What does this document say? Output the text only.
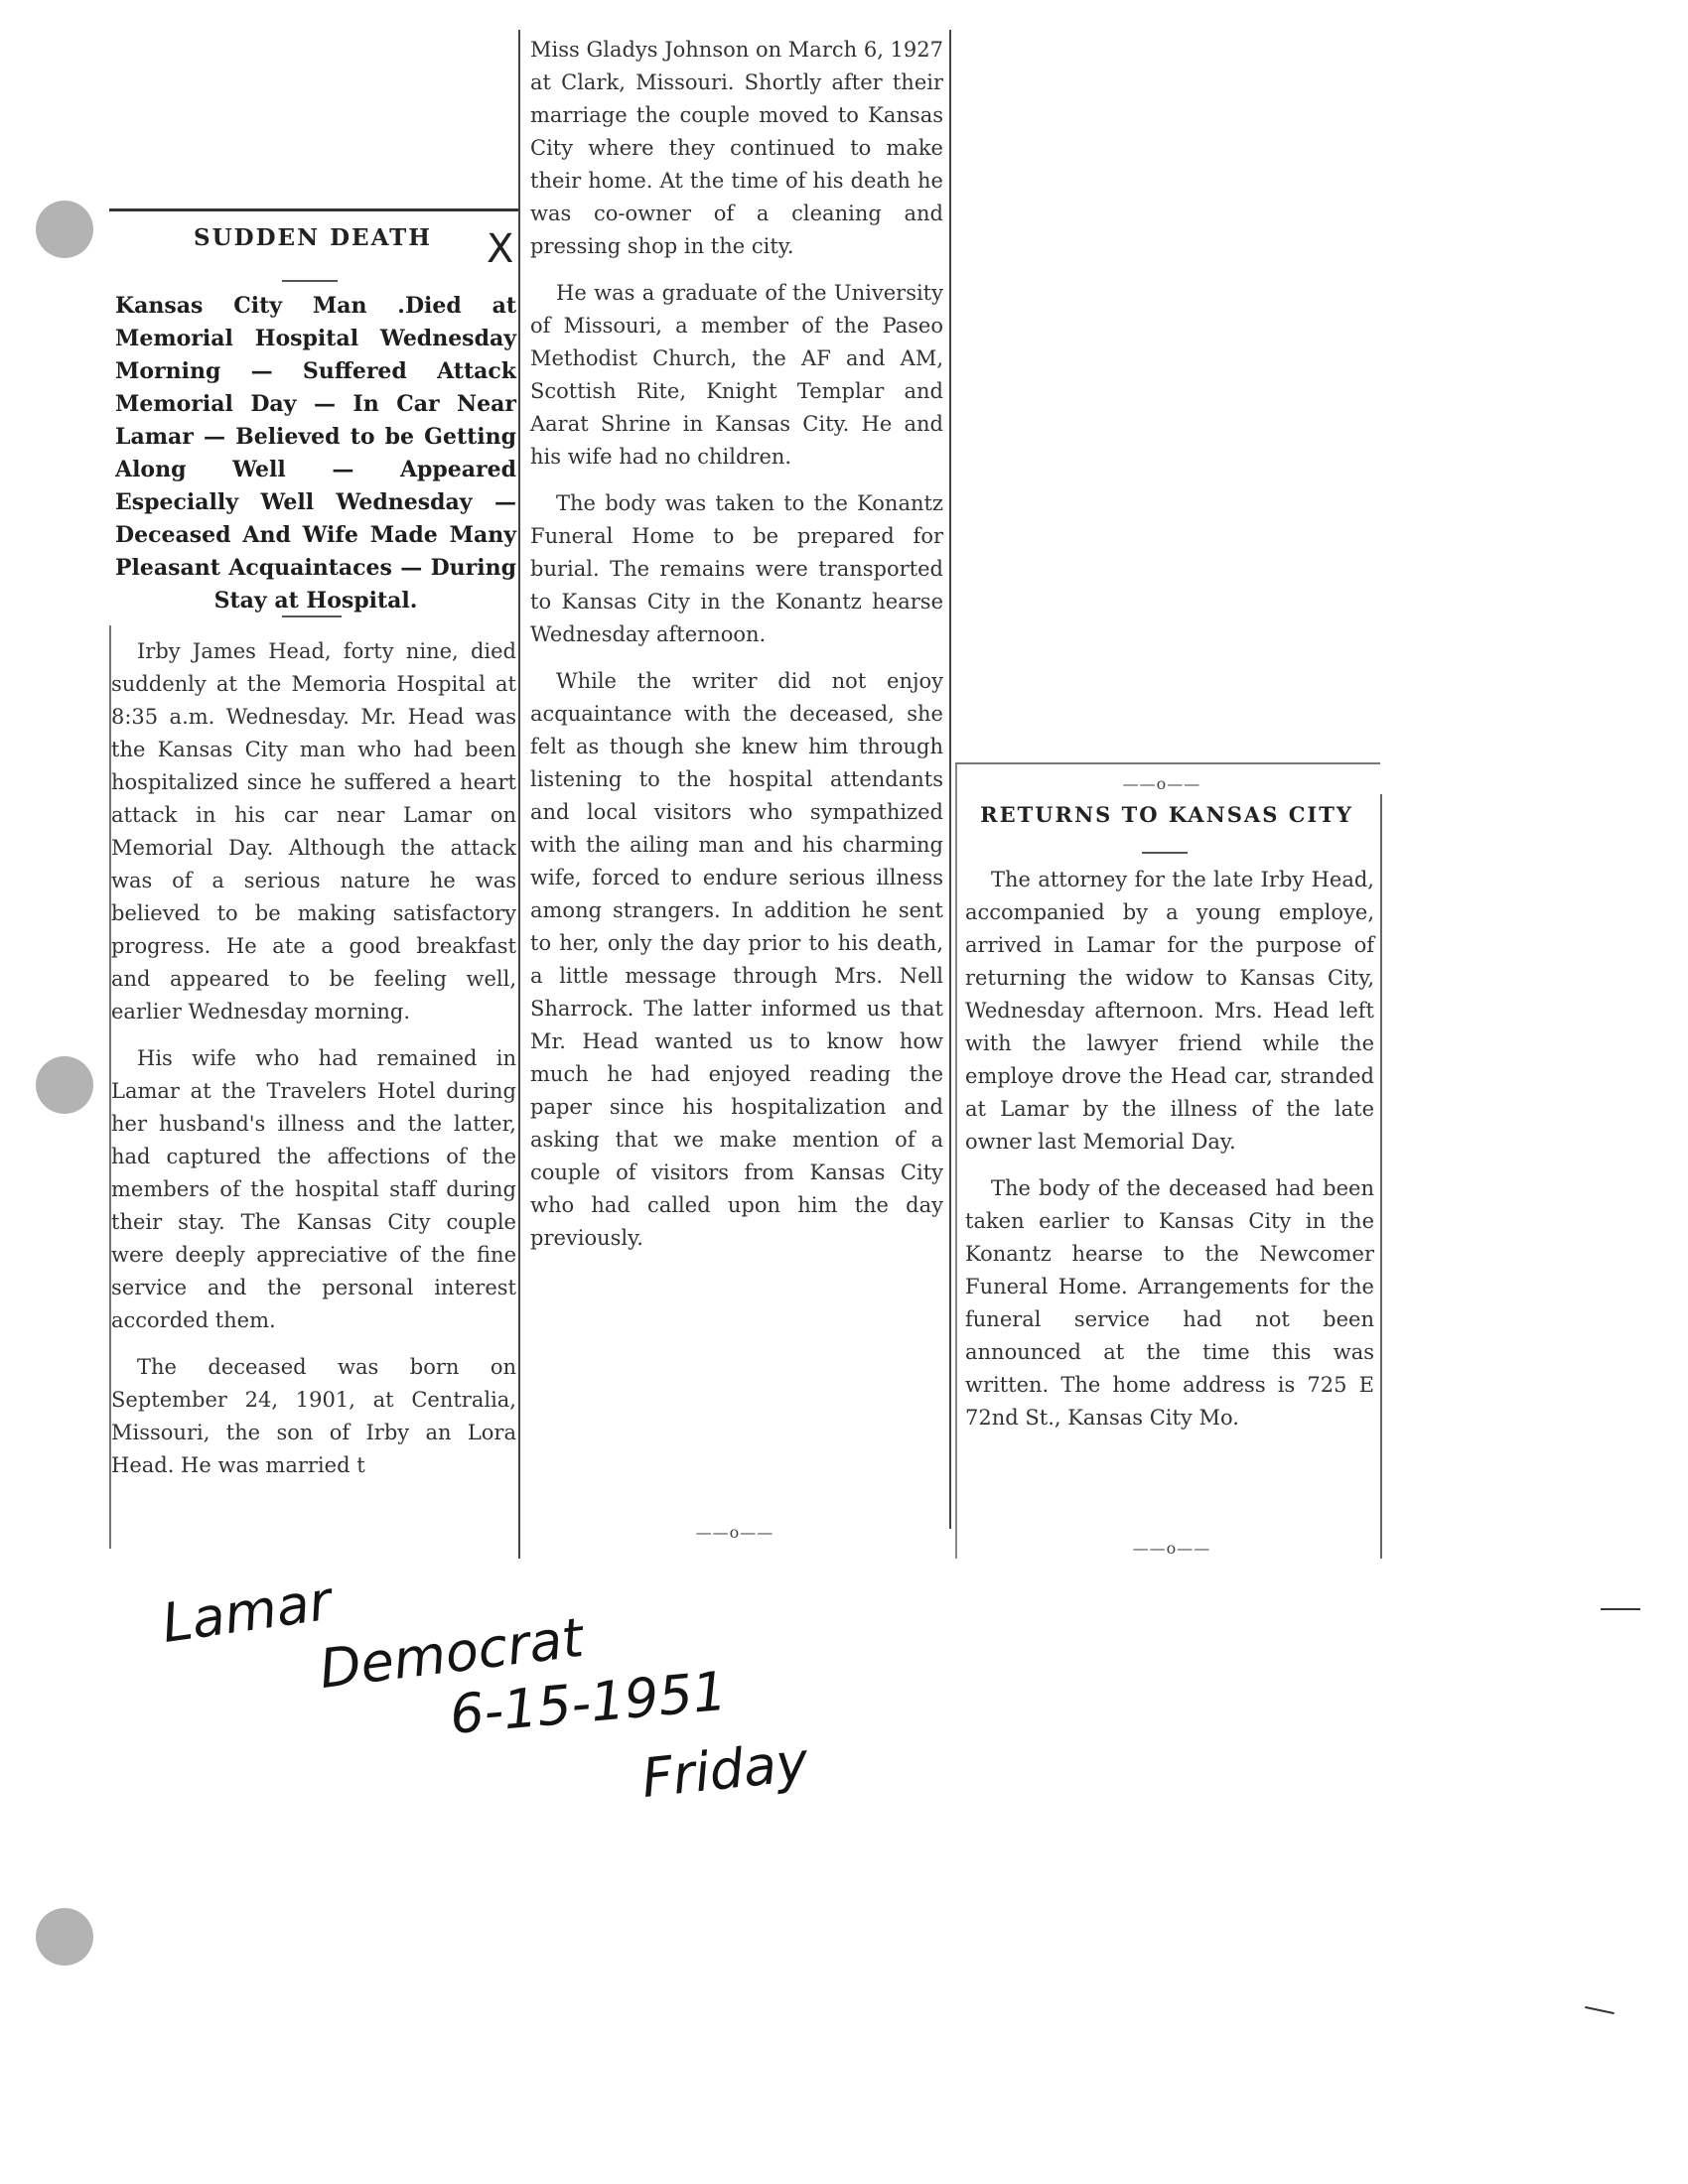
SUDDEN DEATH	X
Kansas City Man .Died at Memorial Hospital Wednesday Morning — Suffered Attack Memorial Day — In Car Near Lamar — Believed to be Getting Along Well — Appeared Especially Well Wednesday —Deceased And Wife Made Many Pleasant Acquaintaces — During Stay at Hospital.

Irby James Head, forty nine, died suddenly at the Memoria Hospital at 8:35 a.m. Wednesday. Mr. Head was the Kansas City man who had been hospitalized since he suffered a heart attack in his car near Lamar on Memorial Day. Although the attack was of a serious nature he was believed to be making satisfactory progress. He ate a good breakfast and appeared to be feeling well, earlier Wednesday morning.

His wife who had remained in Lamar at the Travelers Hotel during her husband's illness and the latter, had captured the affections of the members of the hospital staff during their stay. The Kansas City couple were deeply appreciative of the fine service and the personal interest accorded them.

The deceased was born on September 24, 1901, at Centralia, Missouri, the son of Irby an Lora Head. He was married t

Miss Gladys Johnson on March 6, 1927 at Clark, Missouri. Shortly after their marriage the couple moved to Kansas City where they continued to make their home. At the time of his death he was co-owner of a cleaning and pressing shop in the city.

He was a graduate of the University of Missouri, a member of the Paseo Methodist Church, the AF and AM, Scottish Rite, Knight Templar and Aarat Shrine in Kansas City. He and his wife had no children.

The body was taken to the Konantz Funeral Home to be prepared for burial. The remains were transported to Kansas City in the Konantz hearse Wednesday afternoon.

While the writer did not enjoy acquaintance with the deceased, she felt as though she knew him through listening to the hospital attendants and local visitors who sympathized with the ailing man and his charming wife, forced to endure serious illness among strangers. In addition he sent to her, only the day prior to his death, a little message through Mrs. Nell Sharrock. The latter informed us that Mr. Head wanted us to know how much he had enjoyed reading the paper since his hospitalization and asking that we make mention of a couple of visitors from Kansas City who had called upon him the day previously.

——o——
——o——
RETURNS TO KANSAS CITY

The attorney for the late Irby Head, accompanied by a young employe, arrived in Lamar for the purpose of returning the widow to Kansas City, Wednesday afternoon. Mrs. Head left with the lawyer friend while the employe drove the Head car, stranded at Lamar by the illness of the late owner last Memorial Day.

The body of the deceased had been taken earlier to Kansas City in the Konantz hearse to the Newcomer Funeral Home. Arrangements for the funeral service had not been announced at the time this was written. The home address is 725 E 72nd St., Kansas City Mo.

——o——
Lamar
Democrat
6-15-1951
Friday
